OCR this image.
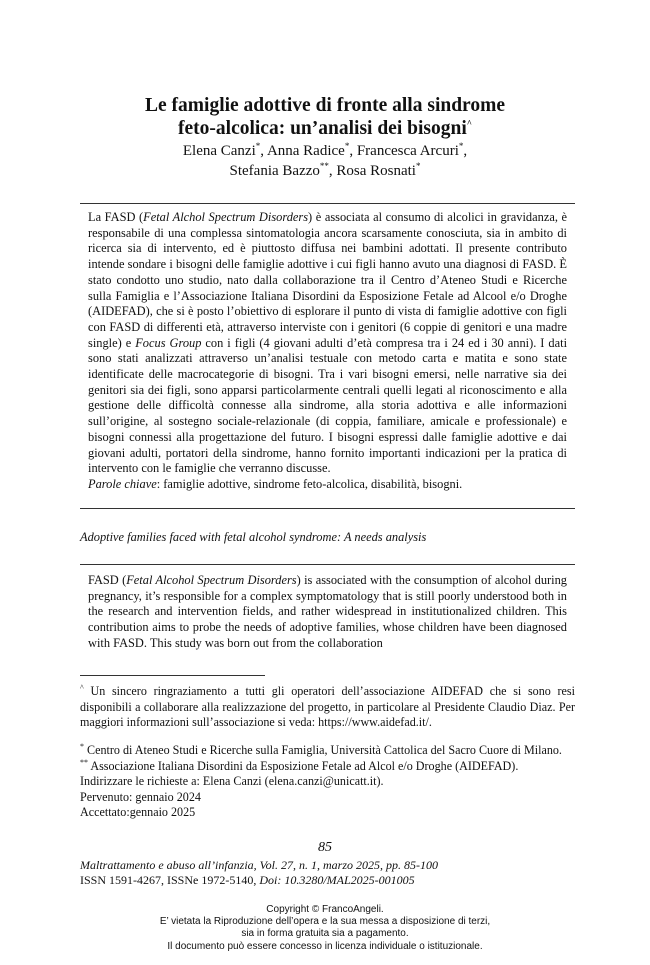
Le famiglie adottive di fronte alla sindrome
feto-alcolica: un’analisi dei bisogni^
Elena Canzi*, Anna Radice*, Francesca Arcuri*,
Stefania Bazzo**, Rosa Rosnati*

La FASD (Fetal Alchol Spectrum Disorders) è associata al consumo di alcolici in gravidanza, è responsabile di una complessa sintomatologia ancora scarsamente conosciuta, sia in ambito di ricerca sia di intervento, ed è piuttosto diffusa nei bambini adottati. Il presente contributo intende sondare i bisogni delle famiglie adottive i cui figli hanno avuto una diagnosi di FASD. È stato condotto uno studio, nato dalla collaborazione tra il Centro d’Ateneo Studi e Ricerche sulla Famiglia e l’Associazione Italiana Disordini da Esposizione Fetale ad Alcool e/o Droghe (AIDEFAD), che si è posto l’obiettivo di esplorare il punto di vista di famiglie adottive con figli con FASD di differenti età, attraverso interviste con i genitori (6 coppie di genitori e una madre single) e Focus Group con i figli (4 giovani adulti d’età compresa tra i 24 ed i 30 anni). I dati sono stati analizzati attraverso un’analisi testuale con metodo carta e matita e sono state identificate delle macrocategorie di bisogni. Tra i vari bisogni emersi, nelle narrative sia dei genitori sia dei figli, sono apparsi particolarmente centrali quelli legati al riconoscimento e alla gestione delle difficoltà connesse alla sindrome, alla storia adottiva e alle informazioni sull’origine, al sostegno sociale-relazionale (di coppia, familiare, amicale e professionale) e bisogni connessi alla progettazione del futuro. I bisogni espressi dalle famiglie adottive e dai giovani adulti, portatori della sindrome, hanno fornito importanti indicazioni per la pratica di intervento con le famiglie che verranno discusse.

Parole chiave: famiglie adottive, sindrome feto-alcolica, disabilità, bisogni.

Adoptive families faced with fetal alcohol syndrome: A needs analysis

FASD (Fetal Alcohol Spectrum Disorders) is associated with the consumption of alcohol during pregnancy, it’s responsible for a complex symptomatology that is still poorly understood both in the research and intervention fields, and rather widespread in institutionalized children. This contribution aims to probe the needs of adoptive families, whose children have been diagnosed with FASD. This study was born out from the collaboration

^ Un sincero ringraziamento a tutti gli operatori dell’associazione AIDEFAD che si sono resi disponibili a collaborare alla realizzazione del progetto, in particolare al Presidente Claudio Diaz. Per maggiori informazioni sull’associazione si veda: https://www.aidefad.it/.
* Centro di Ateneo Studi e Ricerche sulla Famiglia, Università Cattolica del Sacro Cuore di Milano.
** Associazione Italiana Disordini da Esposizione Fetale ad Alcol e/o Droghe (AIDEFAD).
Indirizzare le richieste a: Elena Canzi (elena.canzi@unicatt.it).
Pervenuto: gennaio 2024
Accettato:gennaio 2025
85
Maltrattamento e abuso all’infanzia, Vol. 27, n. 1, marzo 2025, pp. 85-100
ISSN 1591-4267, ISSNe 1972-5140, Doi: 10.3280/MAL2025-001005
Copyright © FrancoAngeli.
E’ vietata la Riproduzione dell’opera e la sua messa a disposizione di terzi,
sia in forma gratuita sia a pagamento.
Il documento può essere concesso in licenza individuale o istituzionale.
